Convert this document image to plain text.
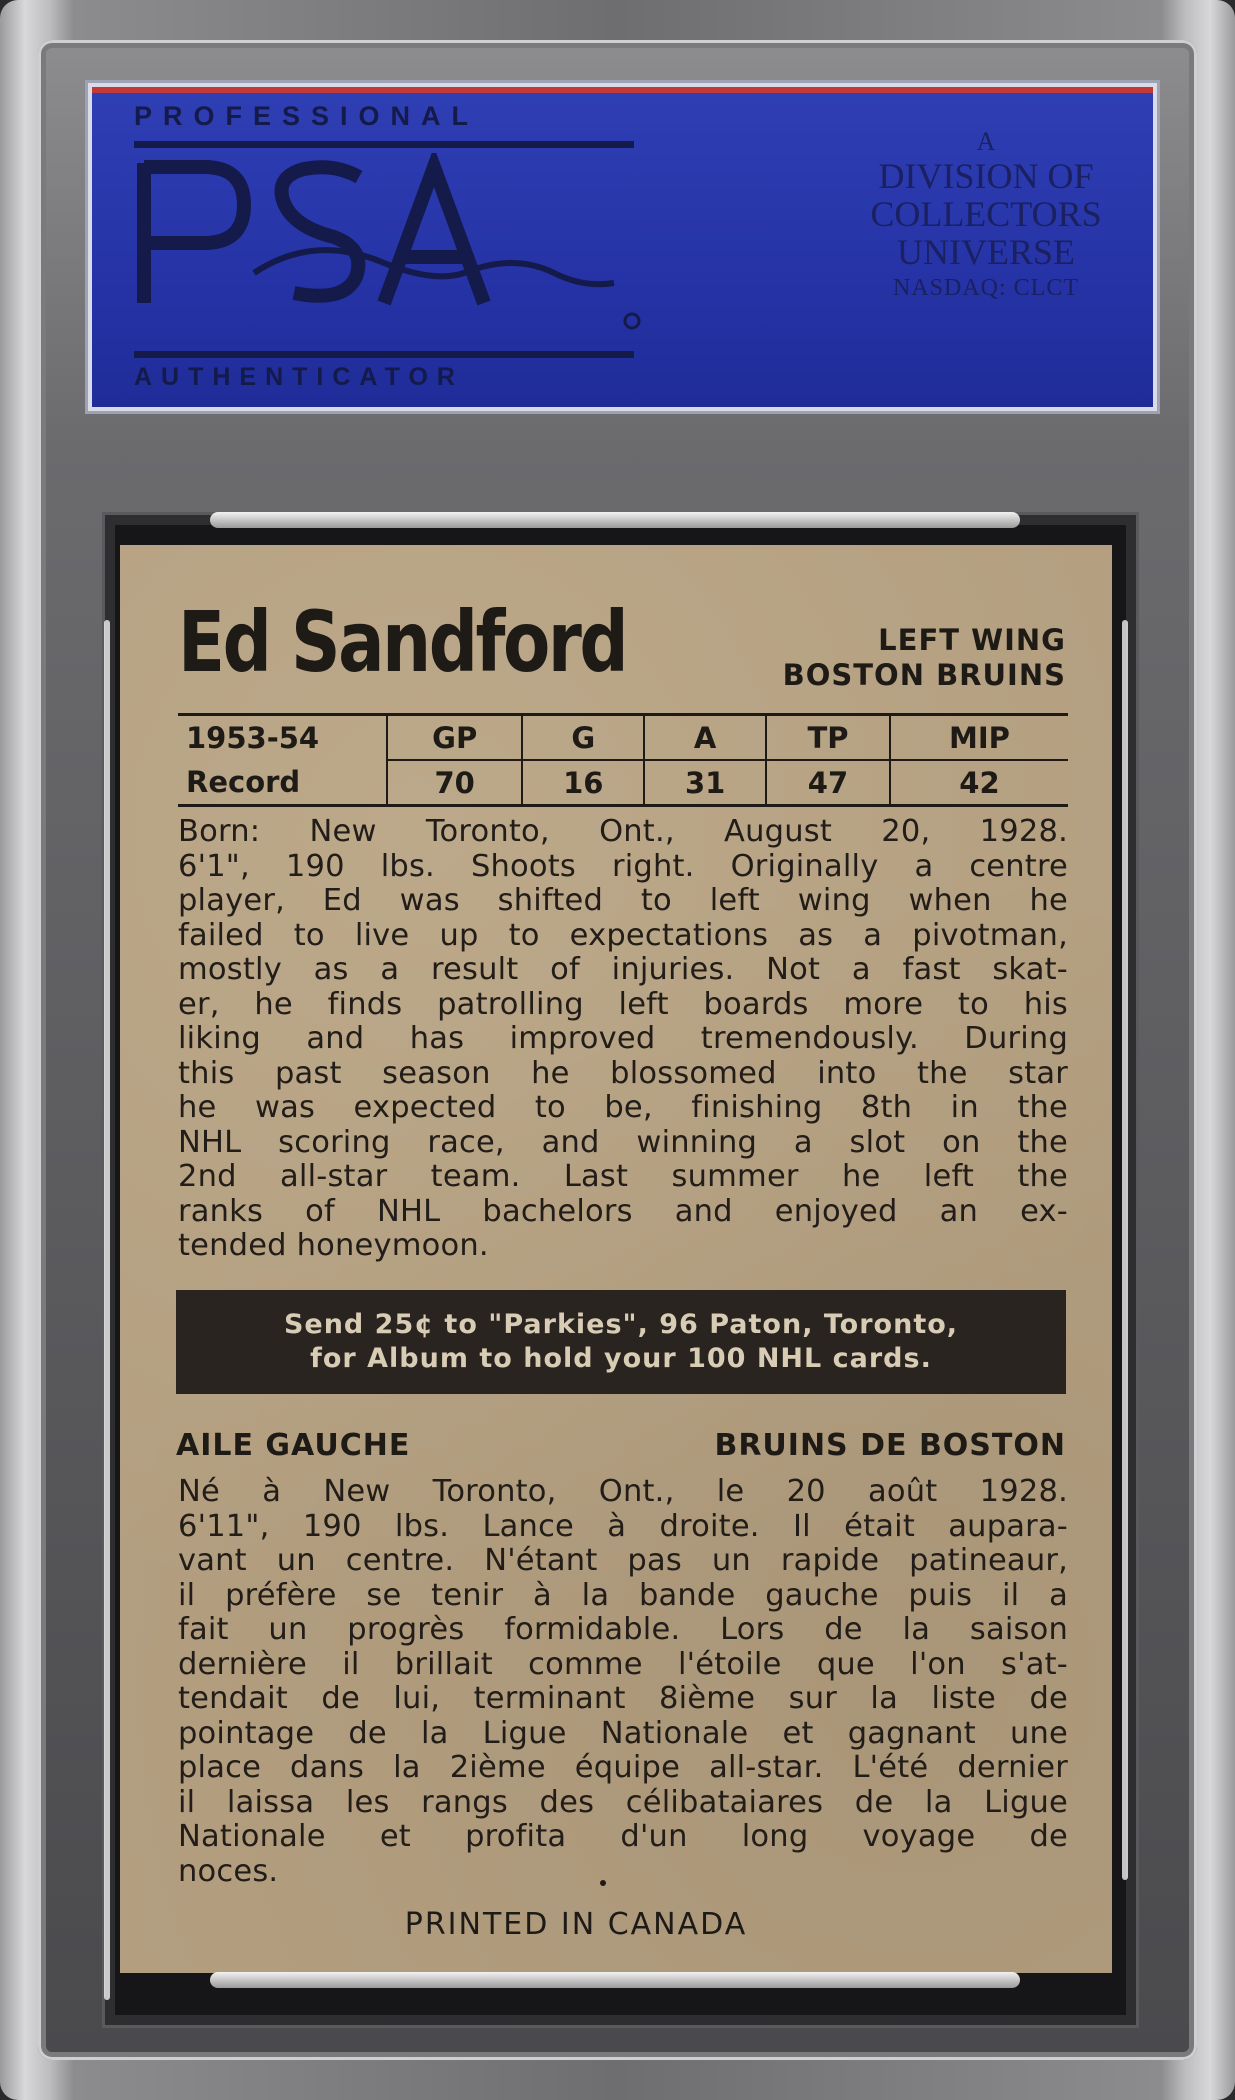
PROFESSIONAL
AUTHENTICATOR
A
DIVISION OF
COLLECTORS
UNIVERSE
NASDAQ: CLCT
Ed Sandford	LEFT WING
BOSTON BRUINS
1953-54	GP	G	A	TP	MIP
Record	70	16	31	47	42
Born: New Toronto, Ont., August 20, 1928.
6'1", 190 lbs. Shoots right. Originally a centre
player, Ed was shifted to left wing when he
failed to live up to expectations as a pivotman,
mostly as a result of injuries. Not a fast skat-
er, he finds patrolling left boards more to his
liking and has improved tremendously. During
this past season he blossomed into the star
he was expected to be, finishing 8th in the
NHL scoring race, and winning a slot on the
2nd all-star team. Last summer he left the
ranks of NHL bachelors and enjoyed an ex-
tended honeymoon.
Send 25¢ to "Parkies", 96 Paton, Toronto,
for Album to hold your 100 NHL cards.
AILE GAUCHE	BRUINS DE BOSTON
Né à New Toronto, Ont., le 20 août 1928.
6'11", 190 lbs. Lance à droite. Il était aupara-
vant un centre. N'étant pas un rapide patineaur,
il préfère se tenir à la bande gauche puis il a
fait un progrès formidable. Lors de la saison
dernière il brillait comme l'étoile que l'on s'at-
tendait de lui, terminant 8ième sur la liste de
pointage de la Ligue Nationale et gagnant une
place dans la 2ième équipe all-star. L'été dernier
il laissa les rangs des célibataiares de la Ligue
Nationale et profita d'un long voyage de
noces.
PRINTED IN CANADA
